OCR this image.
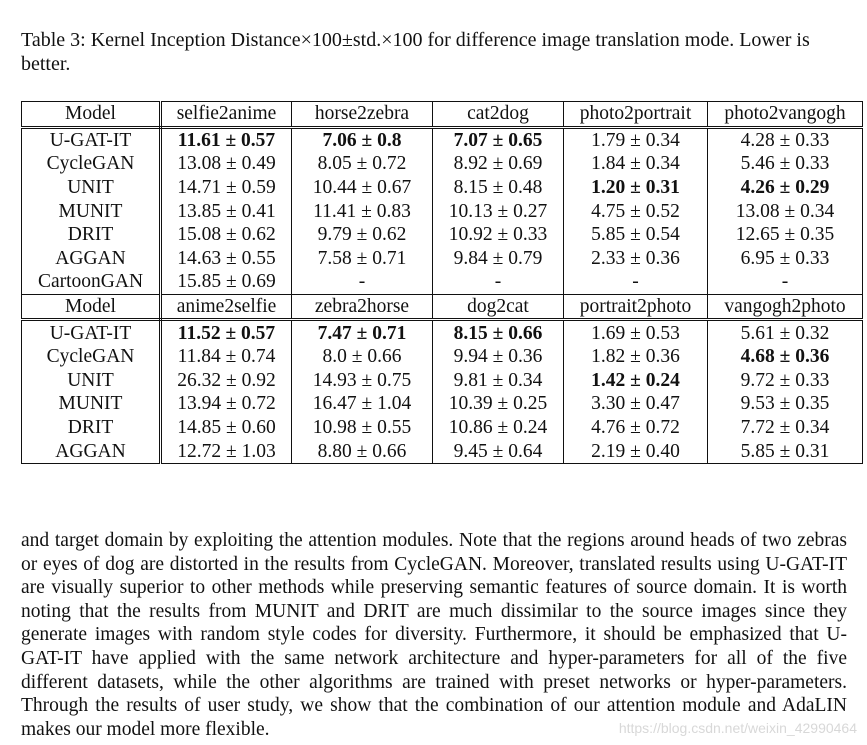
Table 3: Kernel Inception Distance×100±std.×100 for difference image translation mode. Lower is better.
Model	selfie2anime	horse2zebra	cat2dog	photo2portrait	photo2vangogh
U-GAT-IT	11.61 ± 0.57	7.06 ± 0.8	7.07 ± 0.65	1.79 ± 0.34	4.28 ± 0.33
CycleGAN	13.08 ± 0.49	8.05 ± 0.72	8.92 ± 0.69	1.84 ± 0.34	5.46 ± 0.33
UNIT	14.71 ± 0.59	10.44 ± 0.67	8.15 ± 0.48	1.20 ± 0.31	4.26 ± 0.29
MUNIT	13.85 ± 0.41	11.41 ± 0.83	10.13 ± 0.27	4.75 ± 0.52	13.08 ± 0.34
DRIT	15.08 ± 0.62	9.79 ± 0.62	10.92 ± 0.33	5.85 ± 0.54	12.65 ± 0.35
AGGAN	14.63 ± 0.55	7.58 ± 0.71	9.84 ± 0.79	2.33 ± 0.36	6.95 ± 0.33
CartoonGAN	15.85 ± 0.69	-	-	-	-
Model	anime2selfie	zebra2horse	dog2cat	portrait2photo	vangogh2photo
U-GAT-IT	11.52 ± 0.57	7.47 ± 0.71	8.15 ± 0.66	1.69 ± 0.53	5.61 ± 0.32
CycleGAN	11.84 ± 0.74	8.0 ± 0.66	9.94 ± 0.36	1.82 ± 0.36	4.68 ± 0.36
UNIT	26.32 ± 0.92	14.93 ± 0.75	9.81 ± 0.34	1.42 ± 0.24	9.72 ± 0.33
MUNIT	13.94 ± 0.72	16.47 ± 1.04	10.39 ± 0.25	3.30 ± 0.47	9.53 ± 0.35
DRIT	14.85 ± 0.60	10.98 ± 0.55	10.86 ± 0.24	4.76 ± 0.72	7.72 ± 0.34
AGGAN	12.72 ± 1.03	8.80 ± 0.66	9.45 ± 0.64	2.19 ± 0.40	5.85 ± 0.31
and target domain by exploiting the attention modules. Note that the regions around heads of two zebras or eyes of dog are distorted in the results from CycleGAN. Moreover, translated results using U-GAT-IT are visually superior to other methods while preserving semantic features of source domain. It is worth noting that the results from MUNIT and DRIT are much dissimilar to the source images since they generate images with random style codes for diversity. Furthermore, it should be emphasized that U-GAT-IT have applied with the same network architecture and hyper-parameters for all of the five different datasets, while the other algorithms are trained with preset networks or hyper-parameters. Through the results of user study, we show that the combination of our attention module and AdaLIN makes our model more flexible.	https://blog.csdn.net/weixin_42990464
